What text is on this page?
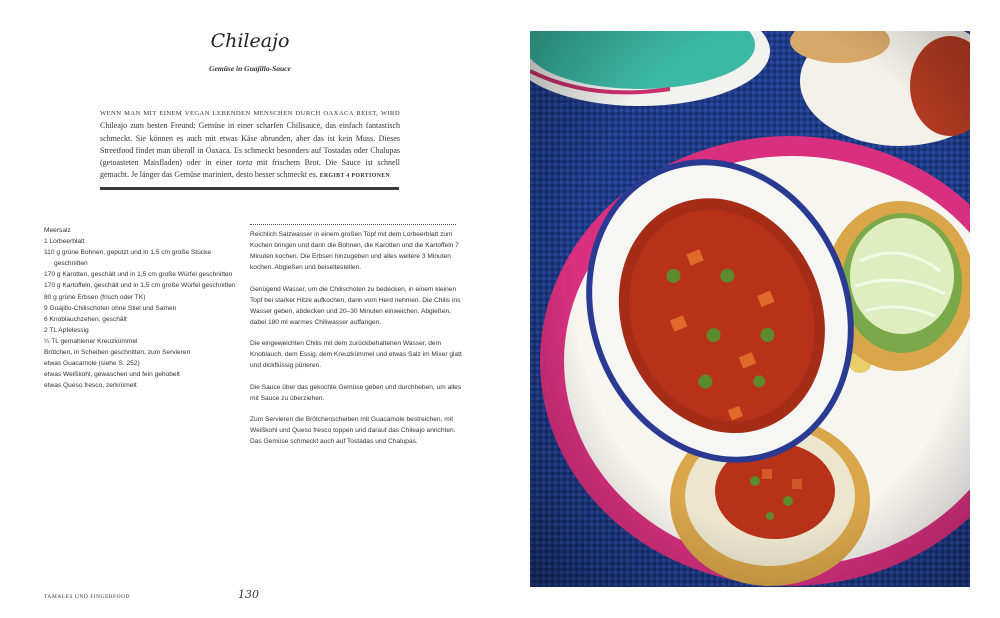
Chileajo
Gemüse in Guajillo-Sauce
WENN MAN MIT EINEM VEGAN LEBENDEN MENSCHEN DURCH OAXACA REIST, WIRD Chileajo zum besten Freund: Gemüse in einer scharfen Chilisauce, das einfach fantastisch schmeckt. Sie können es auch mit etwas Käse abrunden, aber das ist kein Muss. Dieses Streetfood findet man überall in Oaxaca. Es schmeckt besonders auf Tostadas oder Chalupas (getoasteten Maisfladen) oder in einer torta mit frischem Brot. Die Sauce ist schnell gemacht. Je länger das Gemüse mariniert, desto besser schmeckt es. ERGIBT 4 PORTIONEN
Meersalz
1 Lorbeerblatt
110 g grüne Bohnen, geputzt und in 1,5 cm große Stücke geschnitten
170 g Karotten, geschält und in 1,5 cm große Würfel geschnitten
170 g Kartoffeln, geschält und in 1,5 cm große Würfel geschnitten
80 g grüne Erbsen (frisch oder TK)
9 Guajillo-Chilischoten ohne Stiel und Samen
6 Knoblauchzehen, geschält
2 TL Apfelessig
¼ TL gemahlener Kreuzkümmel
Brötchen, in Scheiben geschnitten, zum Servieren
etwas Guacamole (siehe S. 252)
etwas Weißkohl, gewaschen und fein gehobelt
etwas Queso fresco, zerkrümelt

Reichlich Salzwasser in einem großen Topf mit dem Lorbeerblatt zum Kochen bringen und darin die Bohnen, die Karotten und die Kartoffeln 7 Minuten kochen. Die Erbsen hinzugeben und alles weitere 3 Minuten kochen. Abgießen und beiseitestellen.

Genügend Wasser, um die Chilischoten zu bedecken, in einem kleinen Topf bei starker Hitze aufkochen, dann vom Herd nehmen. Die Chilis ins Wasser geben, abdecken und 20–30 Minuten einweichen. Abgießen, dabei 180 ml warmes Chiliwasser auffangen.

Die eingeweichten Chilis mit dem zurückbehaltenen Wasser, dem Knoblauch, dem Essig, dem Kreuzkümmel und etwas Salz im Mixer glatt und dickflüssig pürieren.

Die Sauce über das gekochte Gemüse geben und durchheben, um alles mit Sauce zu überziehen.

Zum Servieren die Brötchenscheiben mit Guacamole bestreichen, mit Weißkohl und Queso fresco toppen und darauf das Chileajo anrichten. Das Gemüse schmeckt auch auf Tostadas und Chalupas.

TAMALES UND FINGERFOOD	130
